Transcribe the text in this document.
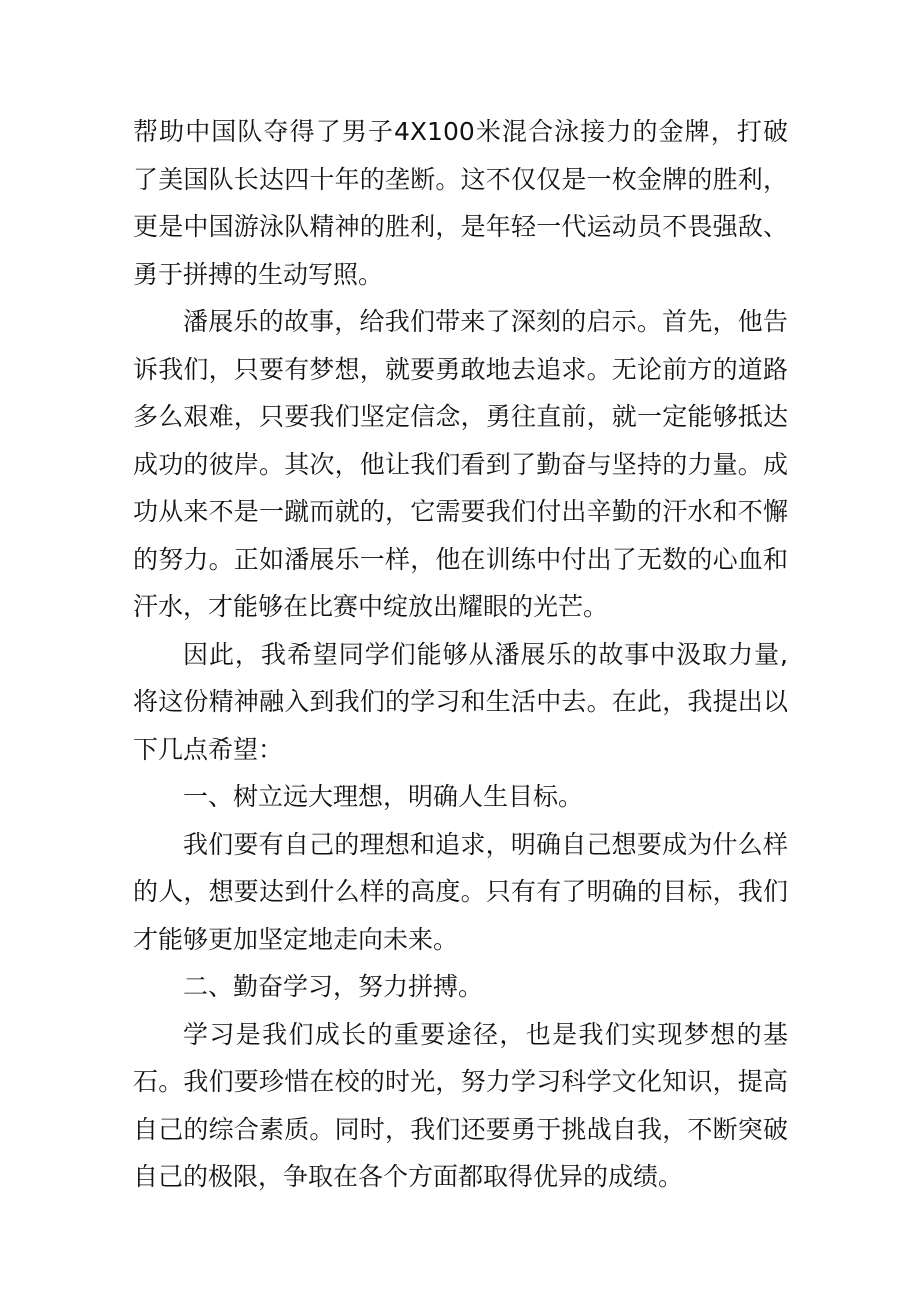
帮助中国队夺得了男子4X100米混合泳接力的金牌，打破了美国队长达四十年的垄断。这不仅仅是一枚金牌的胜利，更是中国游泳队精神的胜利，是年轻一代运动员不畏强敌、勇于拼搏的生动写照。

潘展乐的故事，给我们带来了深刻的启示。首先，他告诉我们，只要有梦想，就要勇敢地去追求。无论前方的道路多么艰难，只要我们坚定信念，勇往直前，就一定能够抵达成功的彼岸。其次，他让我们看到了勤奋与坚持的力量。成功从来不是一蹴而就的，它需要我们付出辛勤的汗水和不懈的努力。正如潘展乐一样，他在训练中付出了无数的心血和汗水，才能够在比赛中绽放出耀眼的光芒。

因此，我希望同学们能够从潘展乐的故事中汲取力量,将这份精神融入到我们的学习和生活中去。在此，我提出以下几点希望：

一、树立远大理想，明确人生目标。

我们要有自己的理想和追求，明确自己想要成为什么样的人，想要达到什么样的高度。只有有了明确的目标，我们才能够更加坚定地走向未来。

二、勤奋学习，努力拼搏。

学习是我们成长的重要途径，也是我们实现梦想的基石。我们要珍惜在校的时光，努力学习科学文化知识，提高自己的综合素质。同时，我们还要勇于挑战自我，不断突破自己的极限，争取在各个方面都取得优异的成绩。
